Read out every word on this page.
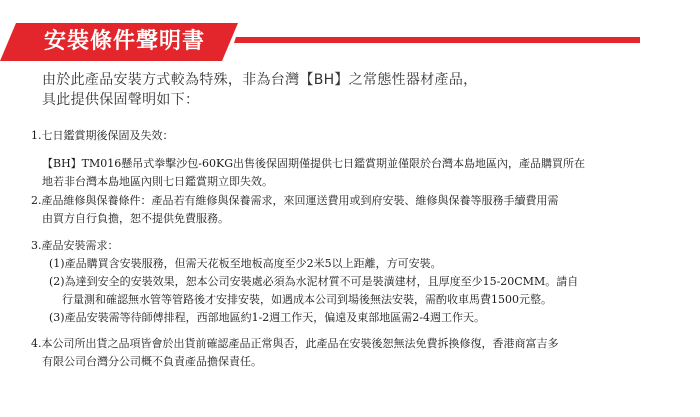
安裝條件聲明書
由於此產品安裝方式較為特殊，非為台灣【BH】之常態性器材產品，
具此提供保固聲明如下：
1.七日鑑賞期後保固及失效：
【BH】TM016懸吊式拳擊沙包-60KG出售後保固期僅提供七日鑑賞期並僅限於台灣本島地區內，產品購買所在
地若非台灣本島地區內則七日鑑賞期立即失效。
2.產品維修與保養條件：產品若有維修與保養需求，來回運送費用或到府安裝、維修與保養等服務手續費用需
由買方自行負擔，恕不提供免費服務。
3.產品安裝需求：
(1)產品購買含安裝服務，但需天花板至地板高度至少2米5以上距離，方可安裝。
(2)為達到安全的安裝效果，恕本公司安裝處必須為水泥材質不可是裝潢建材，且厚度至少15-20CMM。請自
行量測和確認無水管等管路後才安排安裝，如遇成本公司到場後無法安裝，需酌收車馬費1500元整。
(3)產品安裝需等待師傅排程，西部地區約1-2週工作天，偏遠及東部地區需2-4週工作天。
4.本公司所出貨之品項皆會於出貨前確認產品正常與否，此產品在安裝後恕無法免費拆換修復，香港商富吉多
有限公司台灣分公司概不負責產品擔保責任。
